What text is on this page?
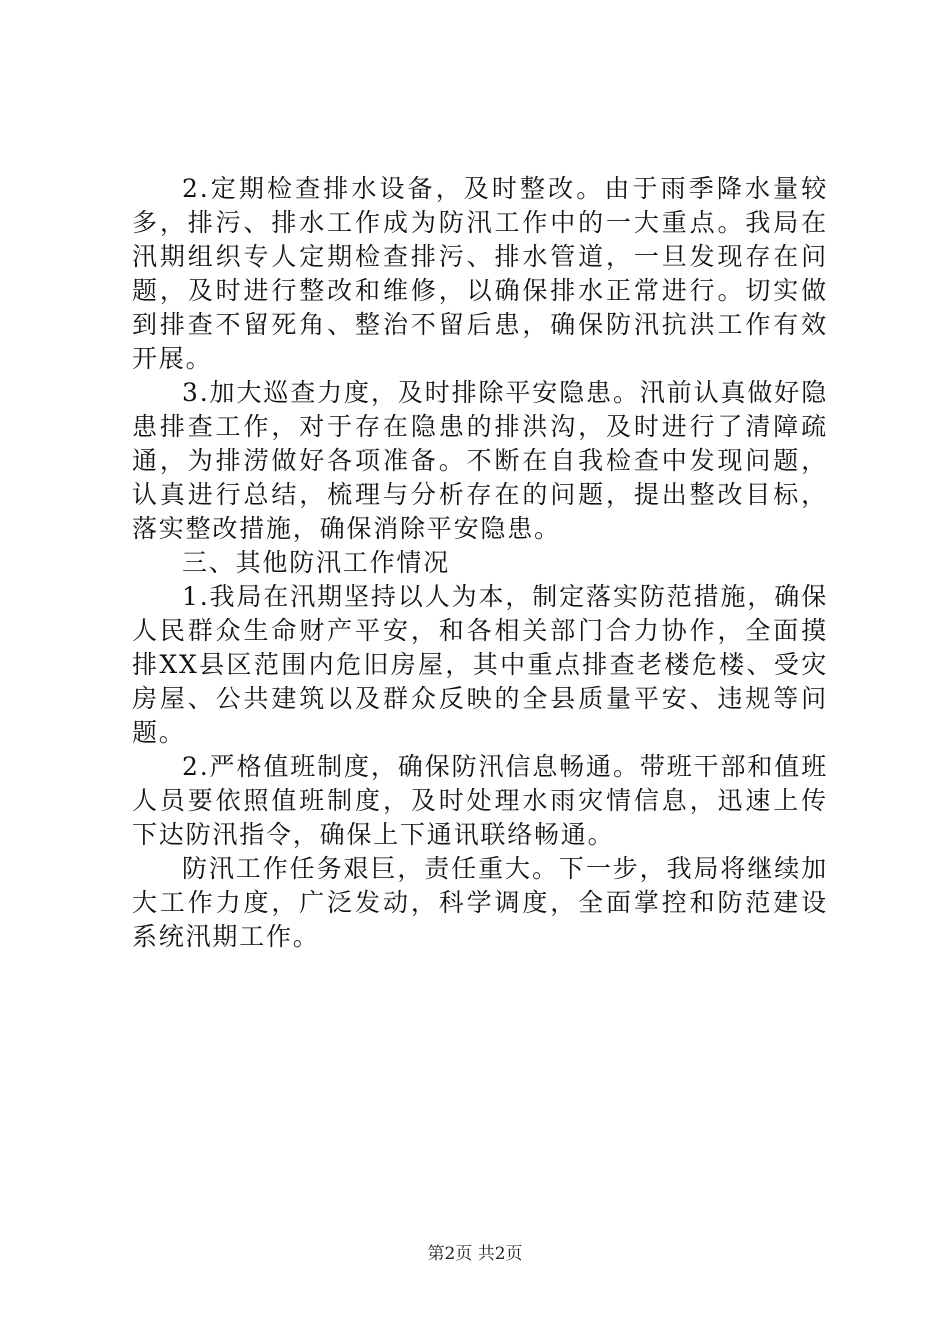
2.定期检查排水设备，及时整改。由于雨季降水量较多，排污、排水工作成为防汛工作中的一大重点。我局在汛期组织专人定期检查排污、排水管道，一旦发现存在问题，及时进行整改和维修，以确保排水正常进行。切实做到排查不留死角、整治不留后患，确保防汛抗洪工作有效开展。

3.加大巡查力度，及时排除平安隐患。汛前认真做好隐患排查工作，对于存在隐患的排洪沟，及时进行了清障疏通，为排涝做好各项准备。不断在自我检查中发现问题，认真进行总结，梳理与分析存在的问题，提出整改目标，落实整改措施，确保消除平安隐患。

三、其他防汛工作情况

1.我局在汛期坚持以人为本，制定落实防范措施，确保人民群众生命财产平安，和各相关部门合力协作，全面摸排XX县区范围内危旧房屋，其中重点排查老楼危楼、受灾房屋、公共建筑以及群众反映的全县质量平安、违规等问题。

2.严格值班制度，确保防汛信息畅通。带班干部和值班人员要依照值班制度，及时处理水雨灾情信息，迅速上传下达防汛指令，确保上下通讯联络畅通。

防汛工作任务艰巨，责任重大。下一步，我局将继续加大工作力度，广泛发动，科学调度，全面掌控和防范建设系统汛期工作。

第2页 共2页
